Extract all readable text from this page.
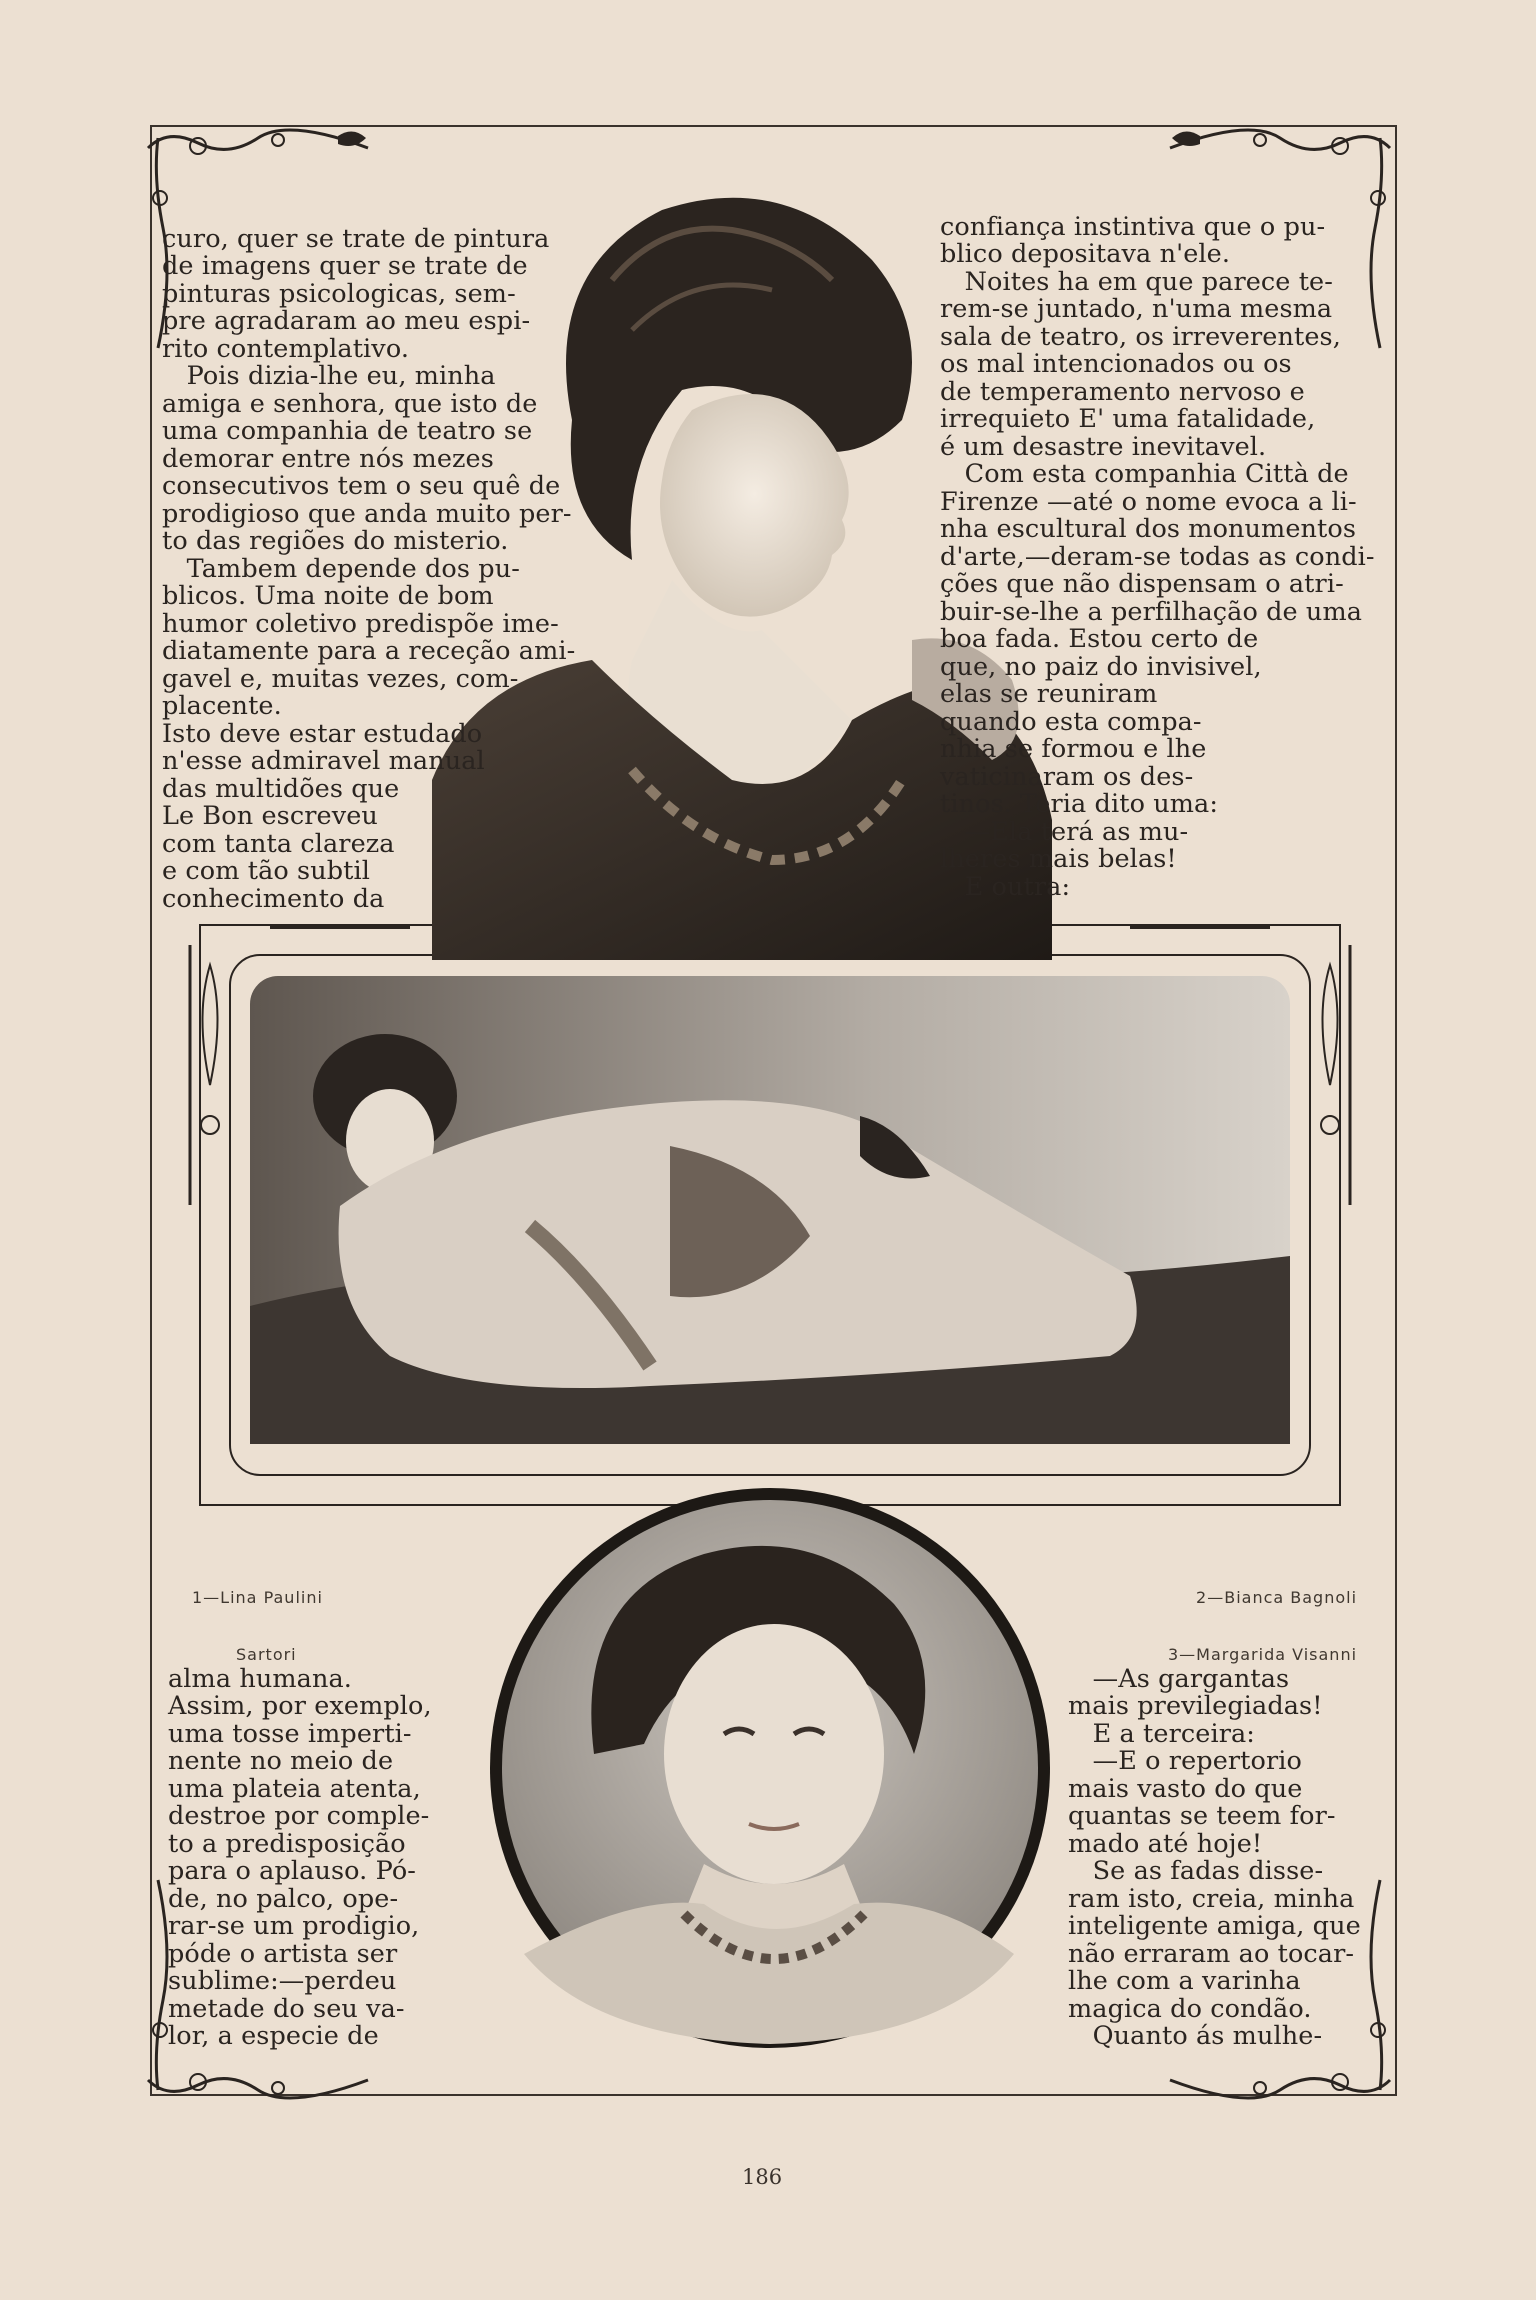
curo, quer se trate de pintura
de imagens quer se trate de
pinturas psicologicas, sem-
pre agradaram ao meu espi-
rito contemplativo.
Pois dizia-lhe eu, minha
amiga e senhora, que isto de
uma companhia de teatro se
demorar entre nós mezes
consecutivos tem o seu quê de
prodigioso que anda muito per-
to das regiões do misterio.
Tambem depende dos pu-
blicos. Uma noite de bom
humor coletivo predispõe ime-
diatamente para a receção ami-
gavel e, muitas vezes, com-
placente.
Isto deve estar estudado
n'esse admiravel manual
das multidões que
Le Bon escreveu
com tanta clareza
e com tão subtil
conhecimento da

confiança instintiva que o pu-
blico depositava n'ele.
Noites ha em que parece te-
rem-se juntado, n'uma mesma
sala de teatro, os irreverentes,
os mal intencionados ou os
de temperamento nervoso e
irrequieto E' uma fatalidade,
é um desastre inevitavel.
Com esta companhia Città de
Firenze —até o nome evoca a li-
nha escultural dos monumentos
d'arte,—deram-se todas as condi-
ções que não dispensam o atri-
buir-se-lhe a perfilhação de uma
boa fada. Estou certo de
que, no paiz do invisivel,
elas se reuniram
quando esta compa-
nhia se formou e lhe
vaticinaram os des-
tinos. Teria dito uma:
—Ela terá as mu-
lheres mais belas!
E outra:

alma humana.
Assim, por exemplo,
uma tosse imperti-
nente no meio de
uma plateia atenta,
destroe por comple-
to a predisposição
para o aplauso. Pó-
de, no palco, ope-
rar-se um prodigio,
póde o artista ser
sublime:—perdeu
metade do seu va-
lor, a especie de

—As gargantas
mais previlegiadas!
E a terceira:
—E o repertorio
mais vasto do que
quantas se teem for-
mado até hoje!
Se as fadas disse-
ram isto, creia, minha
inteligente amiga, que
não erraram ao tocar-
lhe com a varinha
magica do condão.
Quanto ás mulhe-

1—Lina Paulini

Sartori

2—Bianca Bagnoli

3—Margarida Visanni

186
